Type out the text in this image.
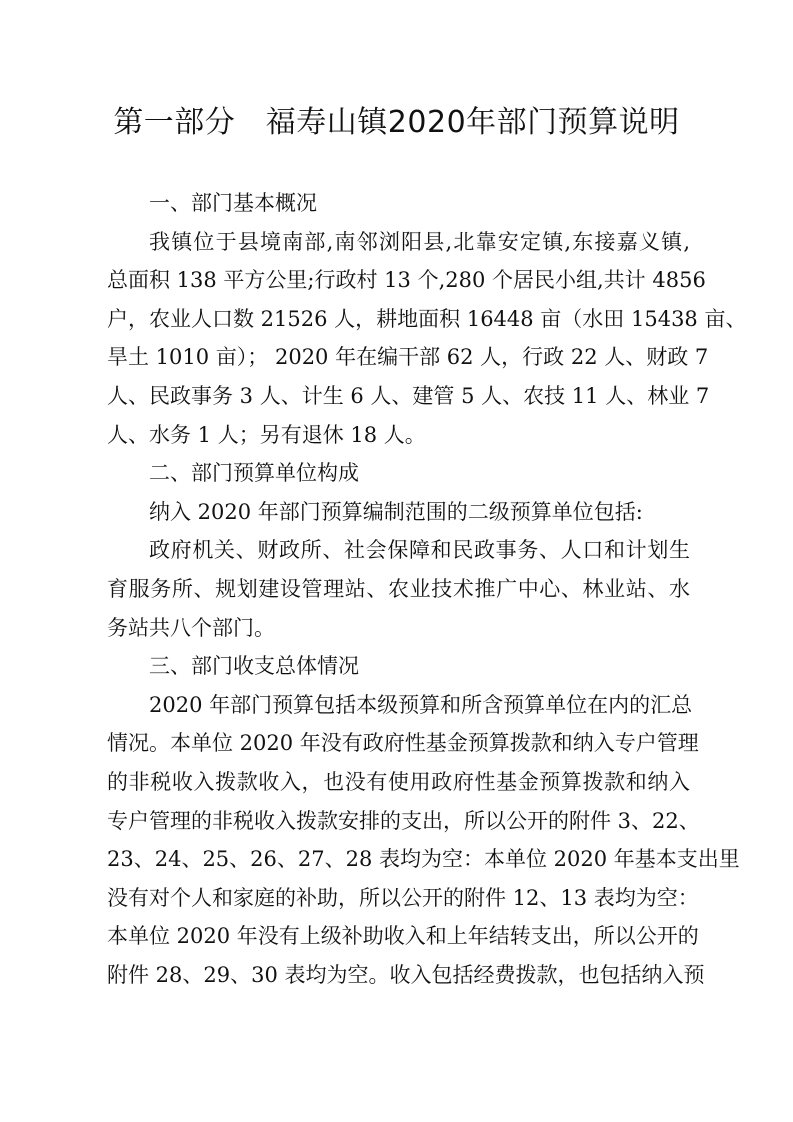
第一部分　福寿山镇2020年部门预算说明
一、部门基本概况
我镇位于县境南部,南邻浏阳县,北靠安定镇,东接嘉义镇,
总面积 138 平方公里;行政村 13 个,280 个居民小组,共计 4856
户，农业人口数 21526 人，耕地面积 16448 亩（水田 15438 亩、
旱土 1010 亩）； 2020 年在编干部 62 人，行政 22 人、财政 7
人、民政事务 3 人、计生 6 人、建管 5 人、农技 11 人、林业 7
人、水务 1 人；另有退休 18 人。
二、部门预算单位构成
纳入 2020 年部门预算编制范围的二级预算单位包括:
政府机关、财政所、社会保障和民政事务、人口和计划生
育服务所、规划建设管理站、农业技术推广中心、林业站、水
务站共八个部门。
三、部门收支总体情况
2020 年部门预算包括本级预算和所含预算单位在内的汇总
情况。本单位 2020 年没有政府性基金预算拨款和纳入专户管理
的非税收入拨款收入，也没有使用政府性基金预算拨款和纳入
专户管理的非税收入拨款安排的支出，所以公开的附件 3、22、
23、24、25、26、27、28 表均为空：本单位 2020 年基本支出里
没有对个人和家庭的补助，所以公开的附件 12、13 表均为空：
本单位 2020 年没有上级补助收入和上年结转支出，所以公开的
附件 28、29、30 表均为空。收入包括经费拨款，也包括纳入预
